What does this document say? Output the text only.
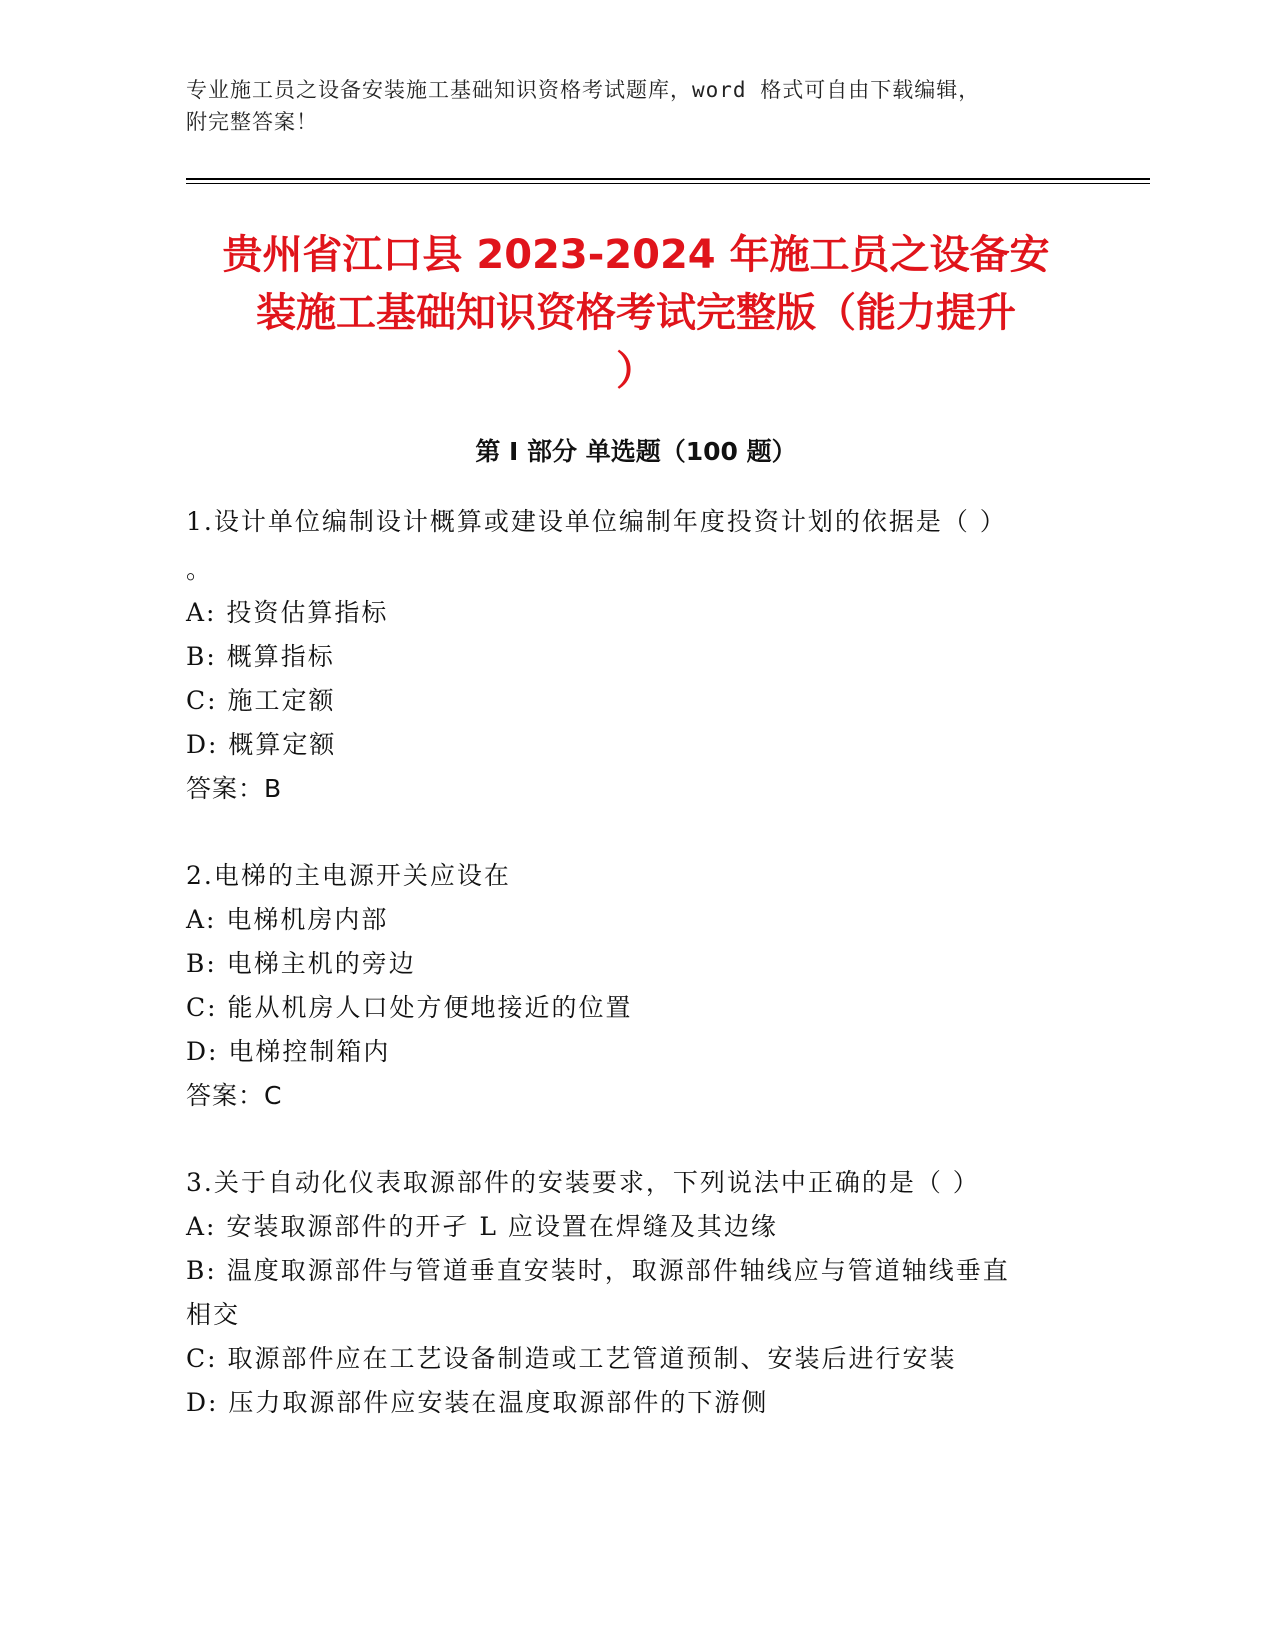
专业施工员之设备安装施工基础知识资格考试题库，word 格式可自由下载编辑，
附完整答案！
贵州省江口县 2023-2024 年施工员之设备安
装施工基础知识资格考试完整版（能力提升
）
第 I 部分 单选题（100 题）
1.设计单位编制设计概算或建设单位编制年度投资计划的依据是（ ）
。
A: 投资估算指标
B: 概算指标
C: 施工定额
D: 概算定额
答案：B
2.电梯的主电源开关应设在
A: 电梯机房内部
B: 电梯主机的旁边
C: 能从机房人口处方便地接近的位置
D: 电梯控制箱内
答案：C
3.关于自动化仪表取源部件的安装要求，下列说法中正确的是（ ）
A: 安装取源部件的开孑 L 应设置在焊缝及其边缘
B: 温度取源部件与管道垂直安装时，取源部件轴线应与管道轴线垂直
相交
C: 取源部件应在工艺设备制造或工艺管道预制、安装后进行安装
D: 压力取源部件应安装在温度取源部件的下游侧
